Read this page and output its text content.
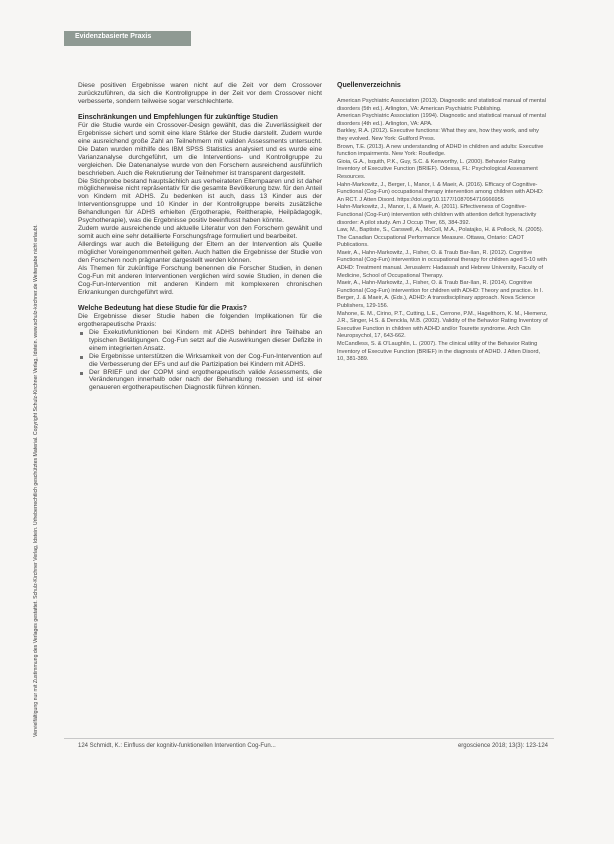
Evidenzbasierte Praxis
Vervielfältigung nur mit Zustimmung des Verlages gestattet. Schulz-Kirchner Verlag, Idstein. Urheberrechtlich geschütztes Material. Copyright Schulz-Kirchner Verlag, Idstein. www.schulz-kirchner.de Weitergabe nicht erlaubt.

Diese positiven Ergebnisse waren nicht auf die Zeit vor dem Crossover zurückzuführen, da sich die Kontrollgruppe in der Zeit vor dem Crossover nicht verbesserte, sondern teilweise sogar verschlechterte.

Einschränkungen und Empfehlungen für zukünftige Studien

Für die Studie wurde ein Crossover-Design gewählt, das die Zuverlässigkeit der Ergebnisse sichert und somit eine klare Stärke der Studie darstellt. Zudem wurde eine ausreichend große Zahl an Teilnehmern mit validen Assessments untersucht. Die Daten wurden mithilfe des IBM SPSS Statistics analysiert und es wurde eine Varianzanalyse durchgeführt, um die Interventions- und Kontrollgruppe zu vergleichen. Die Datenanalyse wurde von den Forschern ausreichend ausführlich beschrieben. Auch die Rekrutierung der Teilnehmer ist transparent dargestellt.

Die Stichprobe bestand hauptsächlich aus verheirateten Elternpaaren und ist daher möglicherweise nicht repräsentativ für die gesamte Bevölkerung bzw. für den Anteil von Kindern mit ADHS. Zu bedenken ist auch, dass 13 Kinder aus der Interventionsgruppe und 10 Kinder in der Kontrollgruppe bereits zusätzliche Behandlungen für ADHS erhielten (Ergotherapie, Reittherapie, Heilpädagogik, Psychotherapie), was die Ergebnisse positiv beeinflusst haben könnte.

Zudem wurde ausreichende und aktuelle Literatur von den Forschern gewählt und somit auch eine sehr detaillierte Forschungsfrage formuliert und bearbeitet.

Allerdings war auch die Beteiligung der Eltern an der Intervention als Quelle möglicher Voreingenommenheit gelten. Auch hatten die Ergebnisse der Studie von den Forschern noch prägnanter dargestellt werden können.

Als Themen für zukünftige Forschung benennen die Forscher Studien, in denen Cog-Fun mit anderen Interventionen verglichen wird sowie Studien, in denen die Cog-Fun-Intervention mit anderen Kindern mit komplexeren chronischen Erkrankungen durchgeführt wird.

Welche Bedeutung hat diese Studie für die Praxis?

Die Ergebnisse dieser Studie haben die folgenden Implikationen für die ergotherapeutische Praxis:

Die Exekutivfunktionen bei Kindern mit ADHS behindert ihre Teilhabe an typischen Betätigungen. Cog-Fun setzt auf die Auswirkungen dieser Defizite in einem integrierten Ansatz.
Die Ergebnisse unterstützen die Wirksamkeit von der Cog-Fun-Intervention auf die Verbesserung der EFs und auf die Partizipation bei Kindern mit ADHS.
Der BRIEF und der COPM sind ergotherapeutisch valide Assessments, die Veränderungen innerhalb oder nach der Behandlung messen und ist einer genaueren ergotherapeutischen Diagnostik führen können.
Quellenverzeichnis

American Psychiatric Association (2013). Diagnostic and statistical manual of mental disorders (5th ed.). Arlington, VA: American Psychiatric Publishing.

American Psychiatric Association (1994). Diagnostic and statistical manual of mental disorders (4th ed.). Arlington, VA: APA.

Barkley, R.A. (2012). Executive functions: What they are, how they work, and why they evolved. New York: Guilford Press.

Brown, T.E. (2013). A new understanding of ADHD in children and adults: Executive function impairments. New York: Routledge.

Gioia, G.A., Isquith, P.K., Guy, S.C. & Kenworthy, L. (2000). Behavior Rating Inventory of Executive Function (BRIEF). Odessa, FL: Psychological Assessment Resources.

Hahn-Markowitz, J., Berger, I., Manor, I. & Maeir, A. (2016). Efficacy of Cognitive-Functional (Cog-Fun) occupational therapy intervention among children with ADHD: An RCT. J Atten Disord. https://doi.org/10.1177/1087054716666955

Hahn-Markowitz, J., Manor, I., & Maeir, A. (2011). Effectiveness of Cognitive-Functional (Cog-Fun) intervention with children with attention deficit hyperactivity disorder: A pilot study. Am J Occup Ther, 65, 384-392.

Law, M., Baptiste, S., Carswell, A., McColl, M.A., Polatajko, H. & Pollock, N. (2005). The Canadian Occupational Performance Measure. Ottawa, Ontario: CAOT Publications.

Maeir, A., Hahn-Markowitz, J., Fisher, O. & Traub Bar-Ilan, R. (2012). Cognitive Functional (Cog-Fun) intervention in occupational therapy for children aged 5-10 with ADHD: Treatment manual. Jerusalem: Hadassah and Hebrew University, Faculty of Medicine, School of Occupational Therapy.

Maeir, A., Hahn-Markowitz, J., Fisher, O. & Traub Bar-Ilan, R. (2014). Cognitive Functional (Cog-Fun) intervention for children with ADHD: Theory and practice. In I. Berger, J. & Maeir, A. (Eds.), ADHD: A transdisciplinary approach. Nova Science Publishers, 129-156.

Mahone, E. M., Cirino, P.T., Cutting, L.E., Cerrone, P.M., Hagelthorn, K. M., Hiemenz, J.R., Singer, H.S. & Denckla, M.B. (2002). Validity of the Behavior Rating Inventory of Executive Function in children with ADHD and/or Tourette syndrome. Arch Clin Neuropsychol, 17, 643-662.

McCandless, S. & O'Laughlin, L. (2007). The clinical utility of the Behavior Rating Inventory of Executive Function (BRIEF) in the diagnosis of ADHD. J Atten Disord, 10, 381-389.

124 Schmidt, K.: Einfluss der kognitiv-funktionellen Intervention Cog-Fun...	ergoscience 2018; 13(3): 123-124
